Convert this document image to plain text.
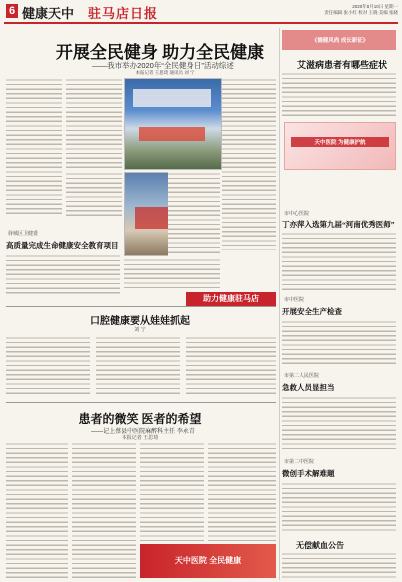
6 健康天中 驻马店日报	2020年8月10日 星期一
责任编辑 张小红 校对 王晓 美编 张晓
开展全民健身 助力全民健康
——我市举办2020年“全民健身日”活动综述
本报记者 王思琦 通讯员 刘 宁
《德健风尚 成长新征》
艾滋病患者有哪些症状
天中医院 为健康护航
市中心医院
丁亦萍入选第九届“河南优秀医师”
市中医院
开展安全生产检查
市第二人民医院
急救人员显担当
市第二中医院
微创手术解难题
无偿献血公告
驿城区卫健委
高质量完成生命健康安全教育项目
助力健康驻马店
口腔健康要从娃娃抓起
刘 宁
患者的微笑 医者的希望
——记上蔡县中医院麻醉科主任 李永青
本报记者 王思琦
天中医院 全民健康
